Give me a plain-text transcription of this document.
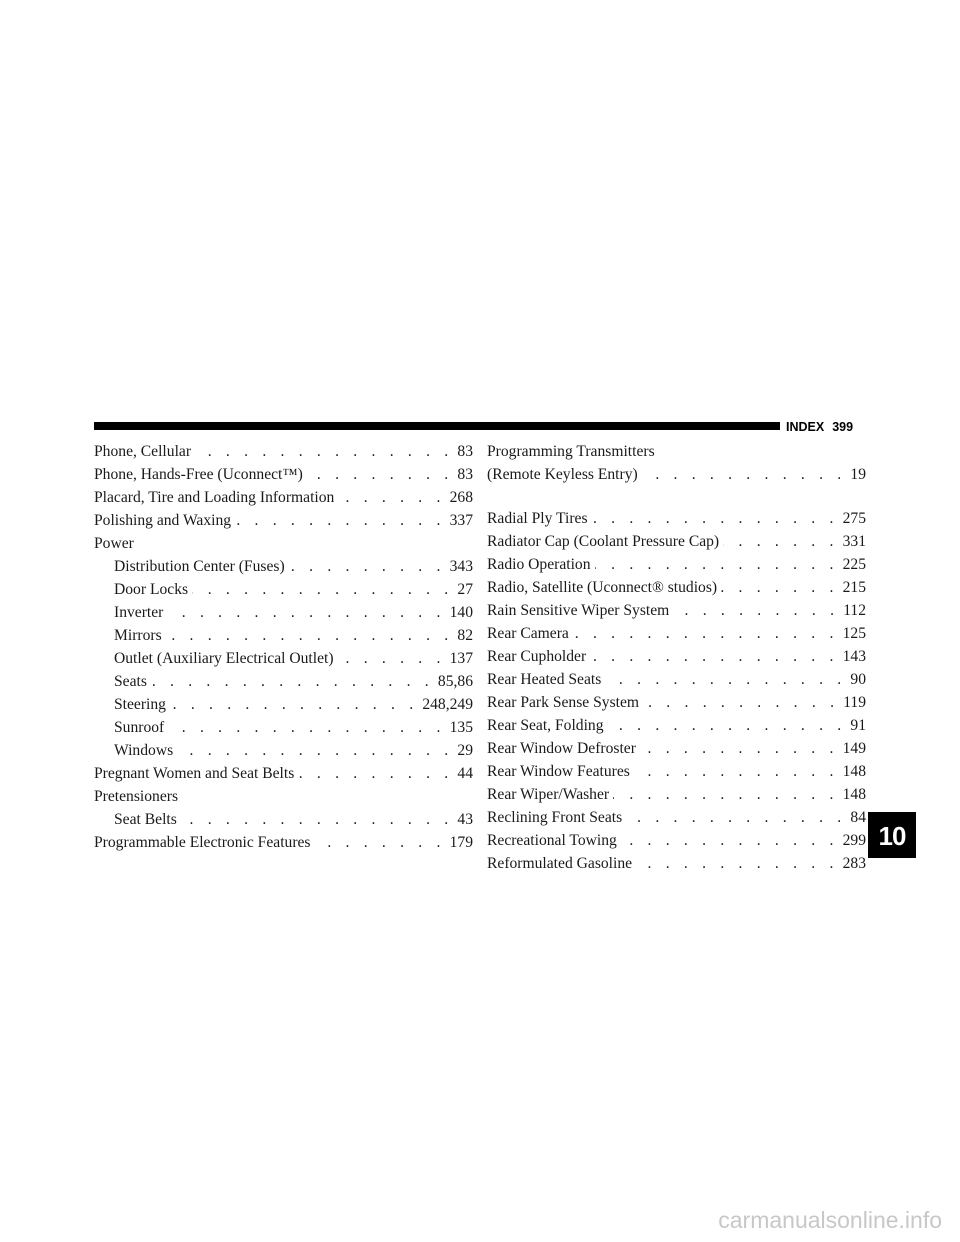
INDEX 399
Phone, Cellular . . .	83
Phone, Hands-Free (Uconnect™) . . .	83
Placard, Tire and Loading Information . . .	268
Polishing and Waxing . . .	337
Power
Distribution Center (Fuses) . . .	343
Door Locks . . .	27
Inverter . . .	140
Mirrors . . .	82
Outlet (Auxiliary Electrical Outlet) . . .	137
Seats . . .	85,86
Steering . . .	248,249
Sunroof . . .	135
Windows . . .	29
Pregnant Women and Seat Belts . . .	44
Pretensioners
Seat Belts . . .	43
Programmable Electronic Features . . .	179
Programming Transmitters
(Remote Keyless Entry) . . .	19
Radial Ply Tires . . .	275
Radiator Cap (Coolant Pressure Cap) . . .	331
Radio Operation . . .	225
Radio, Satellite (Uconnect® studios) . . .	215
Rain Sensitive Wiper System . . .	112
Rear Camera . . .	125
Rear Cupholder . . .	143
Rear Heated Seats . . .	90
Rear Park Sense System . . .	119
Rear Seat, Folding . . .	91
Rear Window Defroster . . .	149
Rear Window Features . . .	148
Rear Wiper/Washer . . .	148
Reclining Front Seats . . .	84
Recreational Towing . . .	299
Reformulated Gasoline . . .	283
10
carmanualsonline.info
